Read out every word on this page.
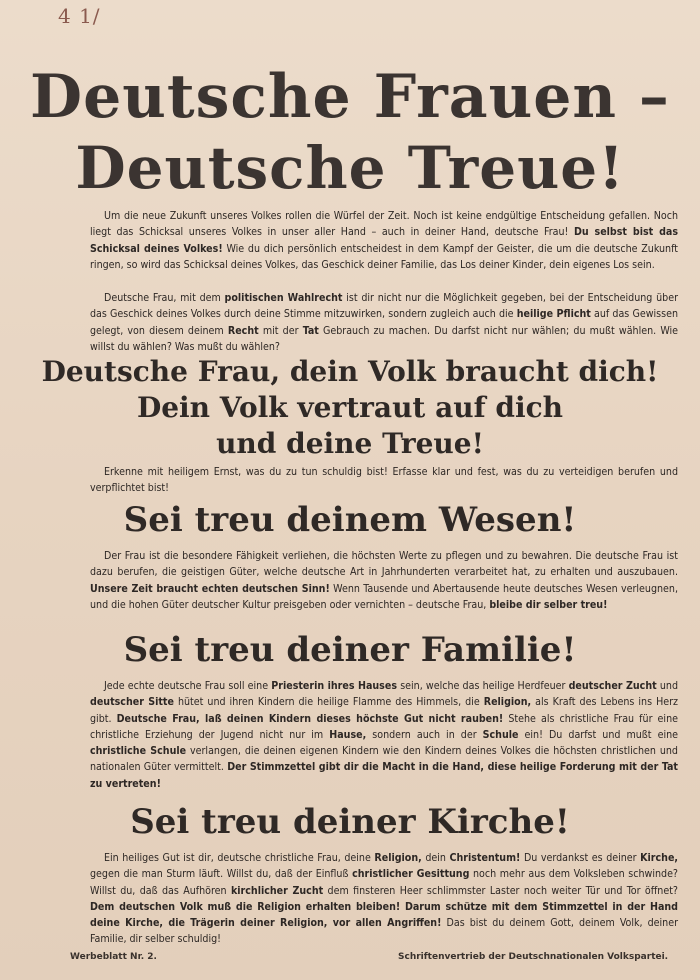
4 1/
Deutsche Frauen –
Deutsche Treue!
Um die neue Zukunft unseres Volkes rollen die Würfel der Zeit. Noch ist keine endgültige Entscheidung gefallen. Noch liegt das Schicksal unseres Volkes in unser aller Hand – auch in deiner Hand, deutsche Frau! Du selbst bist das Schicksal deines Volkes! Wie du dich persönlich entscheidest in dem Kampf der Geister, die um die deutsche Zukunft ringen, so wird das Schicksal deines Volkes, das Geschick deiner Familie, das Los deiner Kinder, dein eigenes Los sein.
Deutsche Frau, mit dem politischen Wahlrecht ist dir nicht nur die Möglichkeit gegeben, bei der Entscheidung über das Geschick deines Volkes durch deine Stimme mitzuwirken, sondern zugleich auch die heilige Pflicht auf das Gewissen gelegt, von diesem deinem Recht mit der Tat Gebrauch zu machen. Du darfst nicht nur wählen; du mußt wählen. Wie willst du wählen? Was mußt du wählen?
Deutsche Frau, dein Volk braucht dich!
Dein Volk vertraut auf dich
und deine Treue!
Erkenne mit heiligem Ernst, was du zu tun schuldig bist! Erfasse klar und fest, was du zu verteidigen berufen und verpflichtet bist!
Sei treu deinem Wesen!
Der Frau ist die besondere Fähigkeit verliehen, die höchsten Werte zu pflegen und zu bewahren. Die deutsche Frau ist dazu berufen, die geistigen Güter, welche deutsche Art in Jahrhunderten verarbeitet hat, zu erhalten und auszubauen. Unsere Zeit braucht echten deutschen Sinn! Wenn Tausende und Abertausende heute deutsches Wesen verleugnen, und die hohen Güter deutscher Kultur preisgeben oder vernichten – deutsche Frau, bleibe dir selber treu!
Sei treu deiner Familie!
Jede echte deutsche Frau soll eine Priesterin ihres Hauses sein, welche das heilige Herdfeuer deutscher Zucht und deutscher Sitte hütet und ihren Kindern die heilige Flamme des Himmels, die Religion, als Kraft des Lebens ins Herz gibt. Deutsche Frau, laß deinen Kindern dieses höchste Gut nicht rauben! Stehe als christliche Frau für eine christliche Erziehung der Jugend nicht nur im Hause, sondern auch in der Schule ein! Du darfst und mußt eine christliche Schule verlangen, die deinen eigenen Kindern wie den Kindern deines Volkes die höchsten christlichen und nationalen Güter vermittelt. Der Stimmzettel gibt dir die Macht in die Hand, diese heilige Forderung mit der Tat zu vertreten!
Sei treu deiner Kirche!
Ein heiliges Gut ist dir, deutsche christliche Frau, deine Religion, dein Christentum! Du verdankst es deiner Kirche, gegen die man Sturm läuft. Willst du, daß der Einfluß christlicher Gesittung noch mehr aus dem Volksleben schwinde? Willst du, daß das Aufhören kirchlicher Zucht dem finsteren Heer schlimmster Laster noch weiter Tür und Tor öffnet? Dem deutschen Volk muß die Religion erhalten bleiben! Darum schütze mit dem Stimmzettel in der Hand deine Kirche, die Trägerin deiner Religion, vor allen Angriffen! Das bist du deinem Gott, deinem Volk, deiner Familie, dir selber schuldig!
Werbeblatt Nr. 2.	Schriftenvertrieb der Deutschnationalen Volkspartei.
